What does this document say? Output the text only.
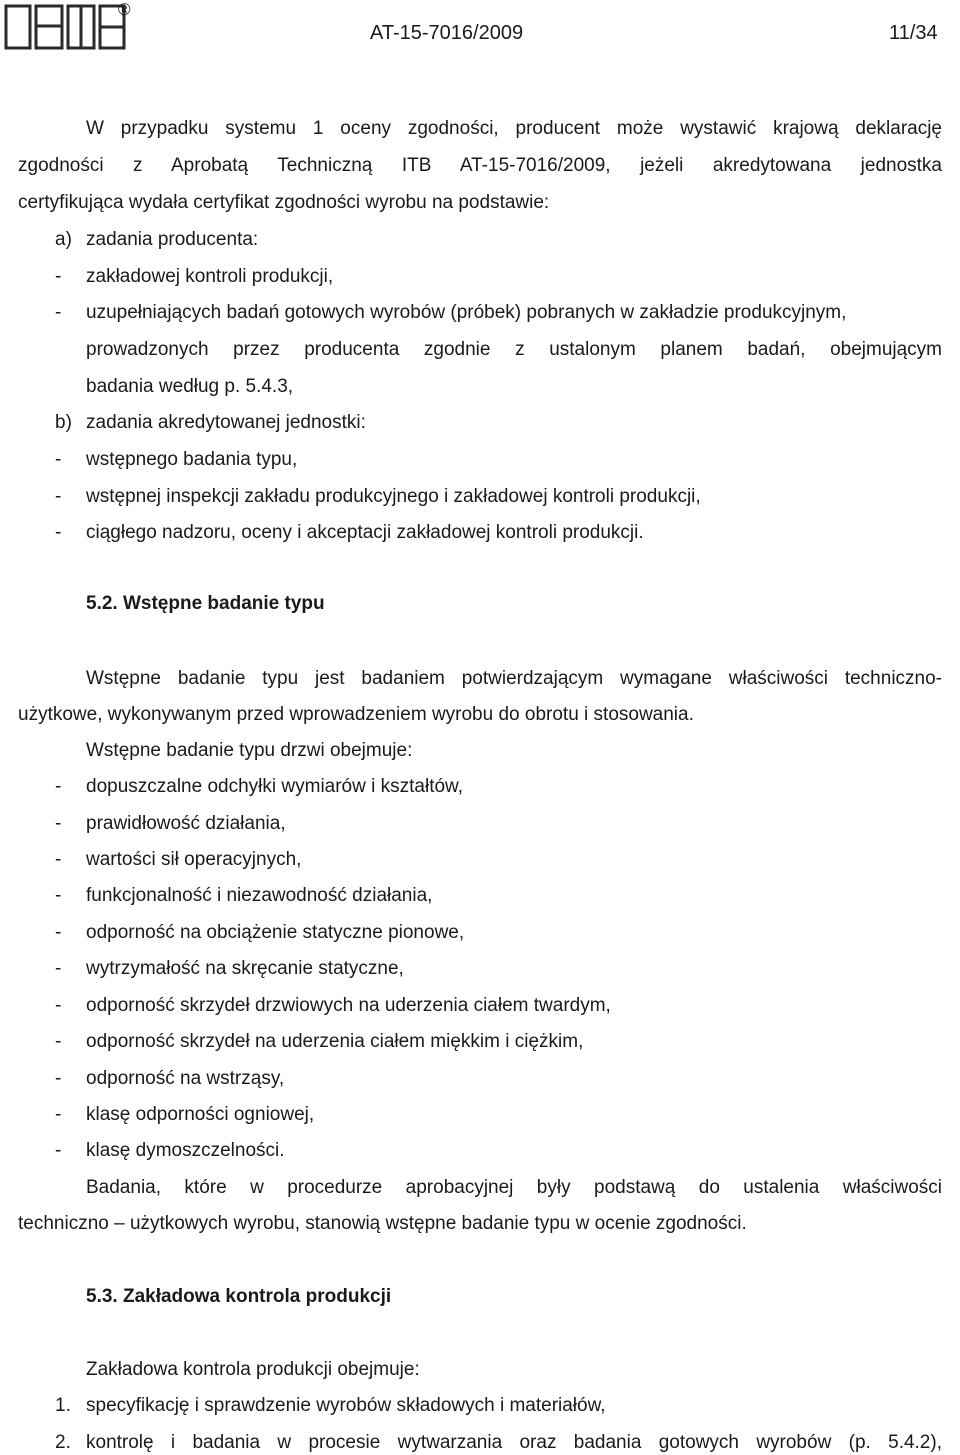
®
AT-15-7016/2009	11/34
W przypadku systemu 1 oceny zgodności, producent może wystawić krajową deklarację
zgodności z Aprobatą Techniczną ITB AT-15-7016/2009, jeżeli akredytowana jednostka
certyfikująca wydała certyfikat zgodności wyrobu na podstawie:
a) zadania producenta:
- zakładowej kontroli produkcji,
- uzupełniających badań gotowych wyrobów (próbek) pobranych w zakładzie produkcyjnym,
prowadzonych przez producenta zgodnie z ustalonym planem badań, obejmującym
badania według p. 5.4.3,
b) zadania akredytowanej jednostki:
- wstępnego badania typu,
- wstępnej inspekcji zakładu produkcyjnego i zakładowej kontroli produkcji,
- ciągłego nadzoru, oceny i akceptacji zakładowej kontroli produkcji.
5.2. Wstępne badanie typu
Wstępne badanie typu jest badaniem potwierdzającym wymagane właściwości techniczno-
użytkowe, wykonywanym przed wprowadzeniem wyrobu do obrotu i stosowania.
Wstępne badanie typu drzwi obejmuje:
- dopuszczalne odchyłki wymiarów i kształtów,
- prawidłowość działania,
- wartości sił operacyjnych,
- funkcjonalność i niezawodność działania,
- odporność na obciążenie statyczne pionowe,
- wytrzymałość na skręcanie statyczne,
- odporność skrzydeł drzwiowych na uderzenia ciałem twardym,
- odporność skrzydeł na uderzenia ciałem miękkim i ciężkim,
- odporność na wstrząsy,
- klasę odporności ogniowej,
- klasę dymoszczelności.
Badania, które w procedurze aprobacyjnej były podstawą do ustalenia właściwości
techniczno – użytkowych wyrobu, stanowią wstępne badanie typu w ocenie zgodności.
5.3. Zakładowa kontrola produkcji
Zakładowa kontrola produkcji obejmuje:
1. specyfikację i sprawdzenie wyrobów składowych i materiałów,
2. kontrolę i badania w procesie wytwarzania oraz badania gotowych wyrobów (p. 5.4.2),
